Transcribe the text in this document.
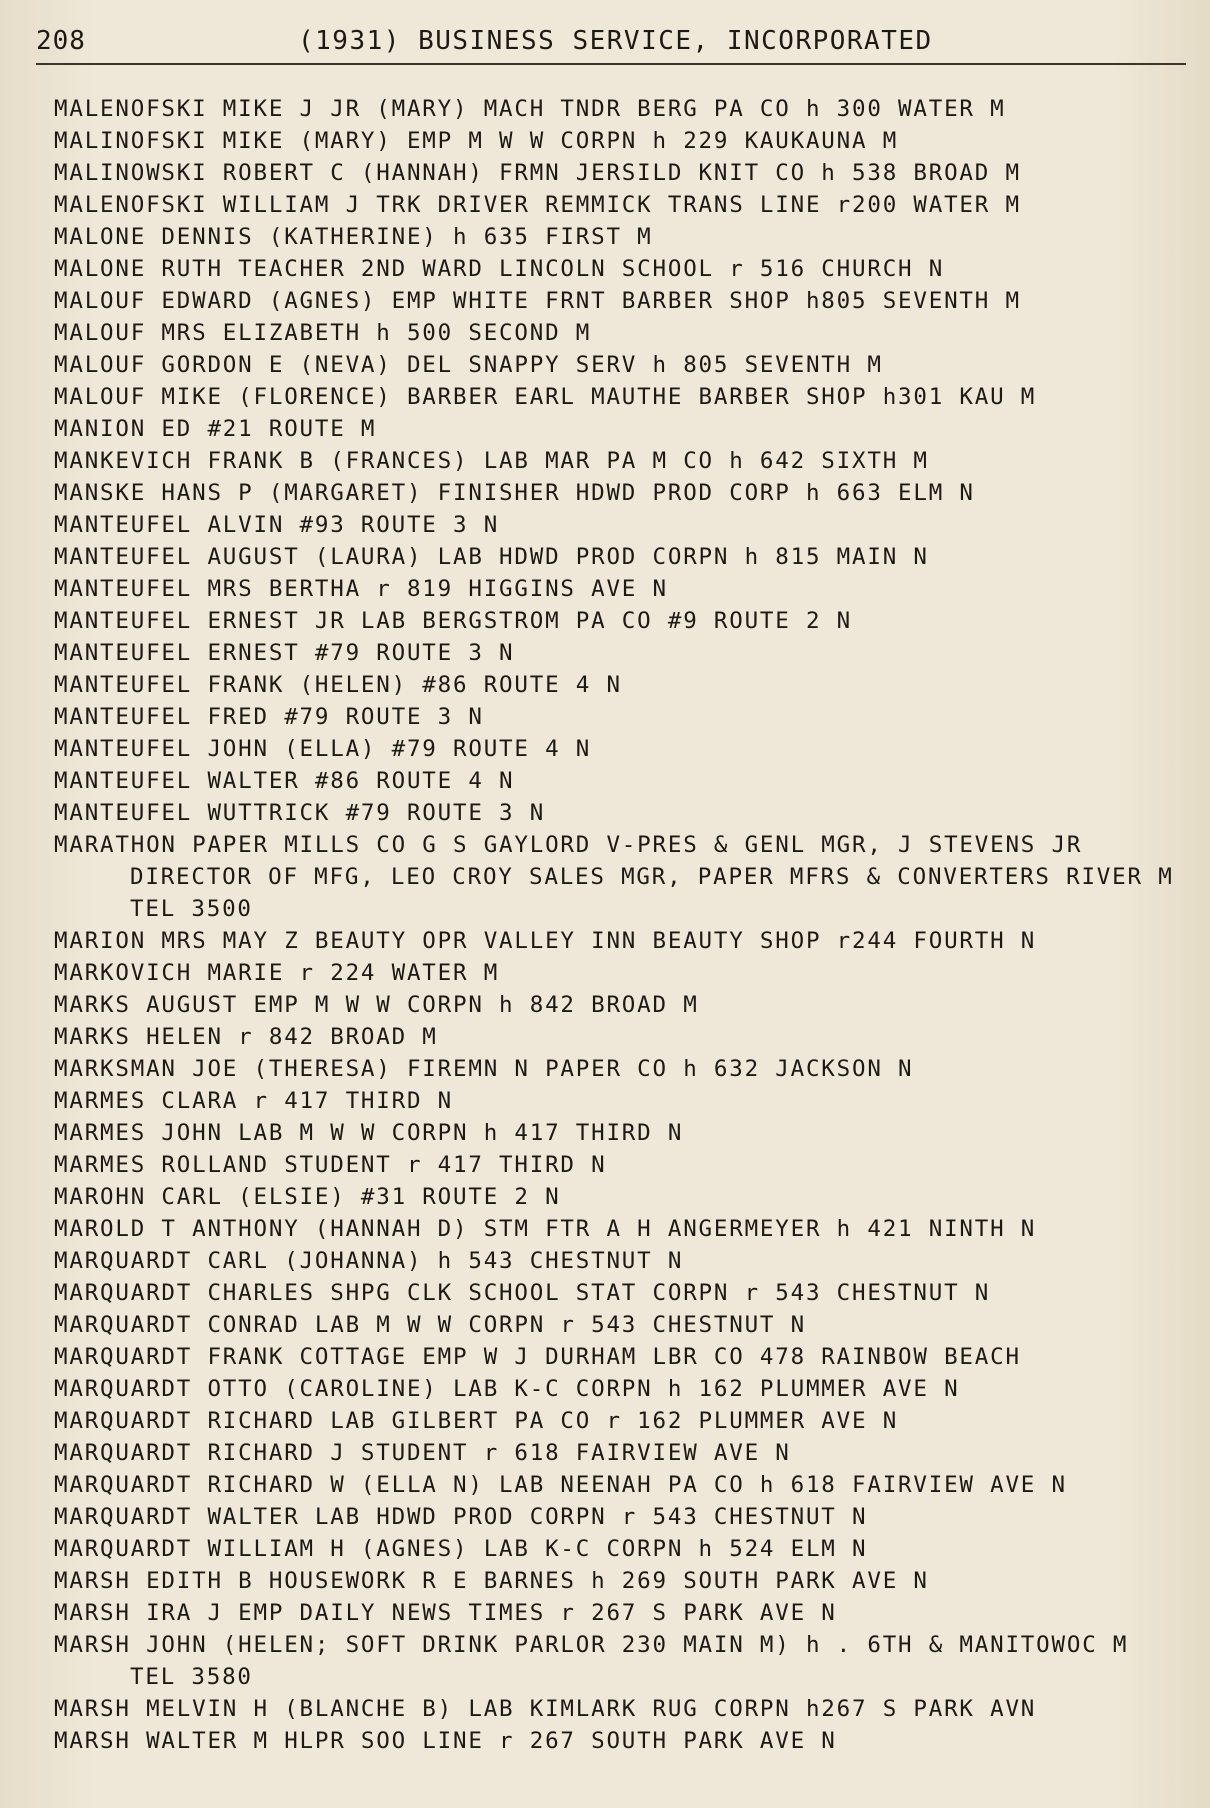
208	(1931) BUSINESS SERVICE, INCORPORATED
MALENOFSKI MIKE J JR (MARY) MACH TNDR BERG PA CO h 300 WATER M
MALINOFSKI MIKE (MARY) EMP M W W CORPN h 229 KAUKAUNA M
MALINOWSKI ROBERT C (HANNAH) FRMN JERSILD KNIT CO h 538 BROAD M
MALENOFSKI WILLIAM J TRK DRIVER REMMICK TRANS LINE r200 WATER M
MALONE DENNIS (KATHERINE) h 635 FIRST M
MALONE RUTH TEACHER 2ND WARD LINCOLN SCHOOL r 516 CHURCH N
MALOUF EDWARD (AGNES) EMP WHITE FRNT BARBER SHOP h805 SEVENTH M
MALOUF MRS ELIZABETH h 500 SECOND M
MALOUF GORDON E (NEVA) DEL SNAPPY SERV h 805 SEVENTH M
MALOUF MIKE (FLORENCE) BARBER EARL MAUTHE BARBER SHOP h301 KAU M
MANION ED #21 ROUTE M
MANKEVICH FRANK B (FRANCES) LAB MAR PA M CO h 642 SIXTH M
MANSKE HANS P (MARGARET) FINISHER HDWD PROD CORP h 663 ELM N
MANTEUFEL ALVIN #93 ROUTE 3 N
MANTEUFEL AUGUST (LAURA) LAB HDWD PROD CORPN h 815 MAIN N
MANTEUFEL MRS BERTHA r 819 HIGGINS AVE N
MANTEUFEL ERNEST JR LAB BERGSTROM PA CO #9 ROUTE 2 N
MANTEUFEL ERNEST #79 ROUTE 3 N
MANTEUFEL FRANK (HELEN) #86 ROUTE 4 N
MANTEUFEL FRED #79 ROUTE 3 N
MANTEUFEL JOHN (ELLA) #79 ROUTE 4 N
MANTEUFEL WALTER #86 ROUTE 4 N
MANTEUFEL WUTTRICK #79 ROUTE 3 N
MARATHON PAPER MILLS CO G S GAYLORD V-PRES & GENL MGR, J STEVENS JR DIRECTOR OF MFG, LEO CROY SALES MGR, PAPER MFRS & CONVERTERS RIVER M TEL 3500
MARION MRS MAY Z BEAUTY OPR VALLEY INN BEAUTY SHOP r244 FOURTH N
MARKOVICH MARIE r 224 WATER M
MARKS AUGUST EMP M W W CORPN h 842 BROAD M
MARKS HELEN r 842 BROAD M
MARKSMAN JOE (THERESA) FIREMN N PAPER CO h 632 JACKSON N
MARMES CLARA r 417 THIRD N
MARMES JOHN LAB M W W CORPN h 417 THIRD N
MARMES ROLLAND STUDENT r 417 THIRD N
MAROHN CARL (ELSIE) #31 ROUTE 2 N
MAROLD T ANTHONY (HANNAH D) STM FTR A H ANGERMEYER h 421 NINTH N
MARQUARDT CARL (JOHANNA) h 543 CHESTNUT N
MARQUARDT CHARLES SHPG CLK SCHOOL STAT CORPN r 543 CHESTNUT N
MARQUARDT CONRAD LAB M W W CORPN r 543 CHESTNUT N
MARQUARDT FRANK COTTAGE EMP W J DURHAM LBR CO 478 RAINBOW BEACH
MARQUARDT OTTO (CAROLINE) LAB K-C CORPN h 162 PLUMMER AVE N
MARQUARDT RICHARD LAB GILBERT PA CO r 162 PLUMMER AVE N
MARQUARDT RICHARD J STUDENT r 618 FAIRVIEW AVE N
MARQUARDT RICHARD W (ELLA N) LAB NEENAH PA CO h 618 FAIRVIEW AVE N
MARQUARDT WALTER LAB HDWD PROD CORPN r 543 CHESTNUT N
MARQUARDT WILLIAM H (AGNES) LAB K-C CORPN h 524 ELM N
MARSH EDITH B HOUSEWORK R E BARNES h 269 SOUTH PARK AVE N
MARSH IRA J EMP DAILY NEWS TIMES r 267 S PARK AVE N
MARSH JOHN (HELEN; SOFT DRINK PARLOR 230 MAIN M) h . 6TH & MANITOWOC M TEL 3580
MARSH MELVIN H (BLANCHE B) LAB KIMLARK RUG CORPN h267 S PARK AVN
MARSH WALTER M HLPR SOO LINE r 267 SOUTH PARK AVE N
